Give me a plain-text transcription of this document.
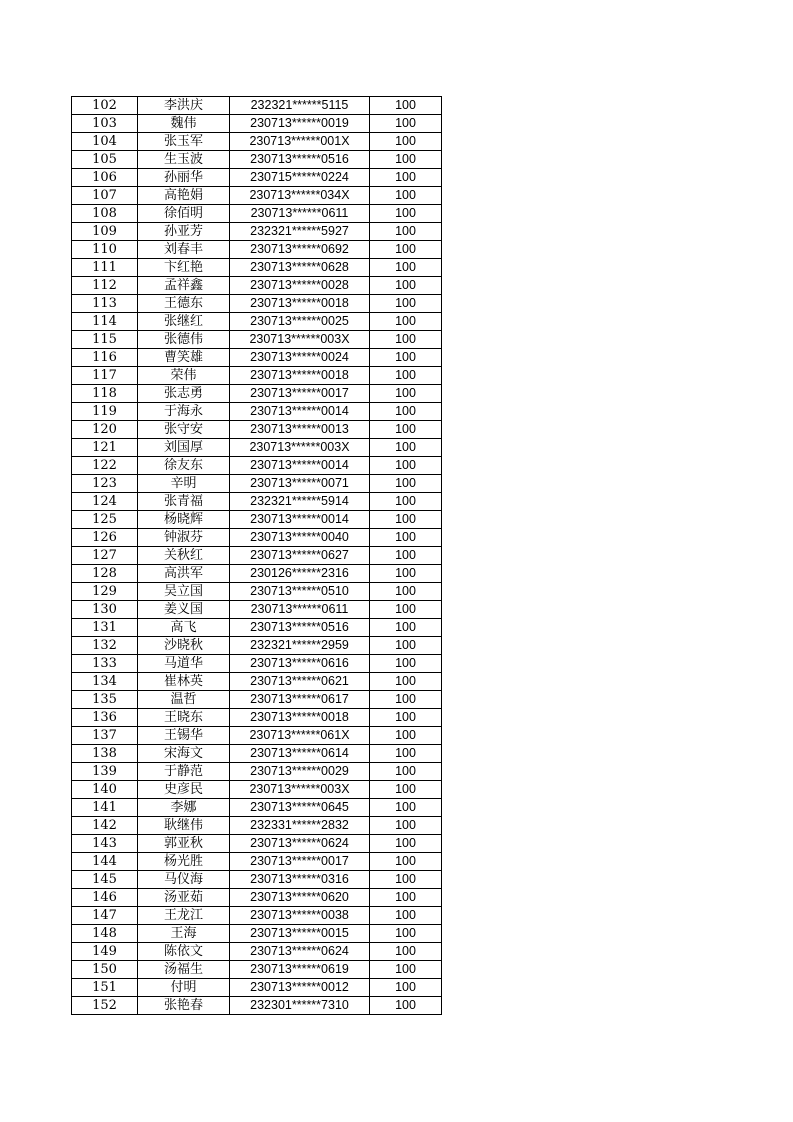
102	李洪庆	232321******5115	100
103	魏伟	230713******0019	100
104	张玉军	230713******001X	100
105	生玉波	230713******0516	100
106	孙丽华	230715******0224	100
107	高艳娟	230713******034X	100
108	徐佰明	230713******0611	100
109	孙亚芳	232321******5927	100
110	刘春丰	230713******0692	100
111	卞红艳	230713******0628	100
112	孟祥鑫	230713******0028	100
113	王德东	230713******0018	100
114	张继红	230713******0025	100
115	张德伟	230713******003X	100
116	曹笑雄	230713******0024	100
117	荣伟	230713******0018	100
118	张志勇	230713******0017	100
119	于海永	230713******0014	100
120	张守安	230713******0013	100
121	刘国厚	230713******003X	100
122	徐友东	230713******0014	100
123	辛明	230713******0071	100
124	张青福	232321******5914	100
125	杨晓辉	230713******0014	100
126	钟淑芬	230713******0040	100
127	关秋红	230713******0627	100
128	高洪军	230126******2316	100
129	吴立国	230713******0510	100
130	姜义国	230713******0611	100
131	高飞	230713******0516	100
132	沙晓秋	232321******2959	100
133	马道华	230713******0616	100
134	崔林英	230713******0621	100
135	温哲	230713******0617	100
136	王晓东	230713******0018	100
137	王锡华	230713******061X	100
138	宋海文	230713******0614	100
139	于静范	230713******0029	100
140	史彦民	230713******003X	100
141	李娜	230713******0645	100
142	耿继伟	232331******2832	100
143	郭亚秋	230713******0624	100
144	杨光胜	230713******0017	100
145	马仪海	230713******0316	100
146	汤亚茹	230713******0620	100
147	王龙江	230713******0038	100
148	王海	230713******0015	100
149	陈依文	230713******0624	100
150	汤福生	230713******0619	100
151	付明	230713******0012	100
152	张艳春	232301******7310	100
